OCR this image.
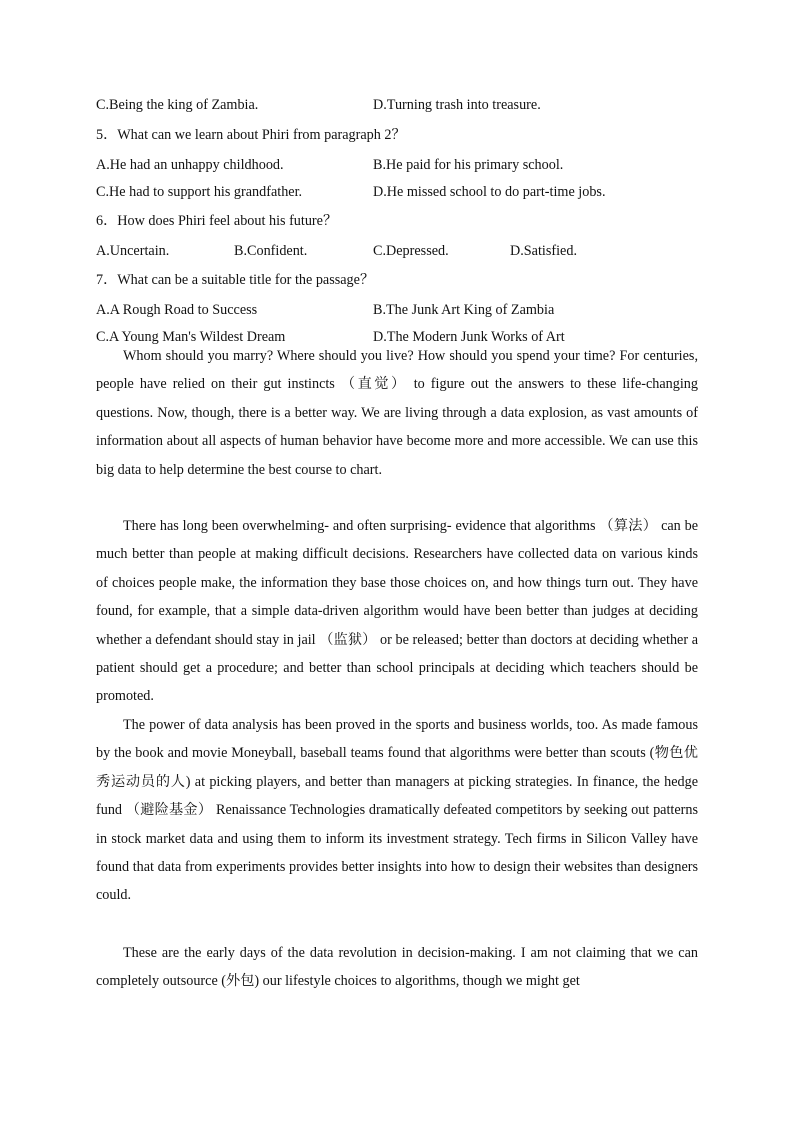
C.Being the king of Zambia.	D.Turning trash into treasure.
5．What can we learn about Phiri from paragraph 2？
A.He had an unhappy childhood.	B.He paid for his primary school.
C.He had to support his grandfather.	D.He missed school to do part-time jobs.
6．How does Phiri feel about his future？
A.Uncertain.	B.Confident.	C.Depressed.	D.Satisfied.
7．What can be a suitable title for the passage？
A.A Rough Road to Success	B.The Junk Art King of Zambia
C.A Young Man's Wildest Dream	D.The Modern Junk Works of Art

Whom should you marry? Where should you live? How should you spend your time? For centuries, people have relied on their gut instincts （直觉） to figure out the answers to these life-changing questions. Now, though, there is a better way. We are living through a data explosion, as vast amounts of information about all aspects of human behavior have become more and more accessible. We can use this big data to help determine the best course to chart.

There has long been overwhelming- and often surprising- evidence that algorithms （算法） can be much better than people at making difficult decisions. Researchers have collected data on various kinds of choices people make, the information they base those choices on, and how things turn out. They have found, for example, that a simple data-driven algorithm would have been better than judges at deciding whether a defendant should stay in jail （监狱） or be released; better than doctors at deciding whether a patient should get a procedure; and better than school principals at deciding which teachers should be promoted.

The power of data analysis has been proved in the sports and business worlds, too. As made famous by the book and movie Moneyball, baseball teams found that algorithms were better than scouts (物色优秀运动员的人) at picking players, and better than managers at picking strategies. In finance, the hedge fund （避险基金） Renaissance Technologies dramatically defeated competitors by seeking out patterns in stock market data and using them to inform its investment strategy. Tech firms in Silicon Valley have found that data from experiments provides better insights into how to design their websites than designers could.

These are the early days of the data revolution in decision-making. I am not claiming that we can completely outsource (外包) our lifestyle choices to algorithms, though we might get
